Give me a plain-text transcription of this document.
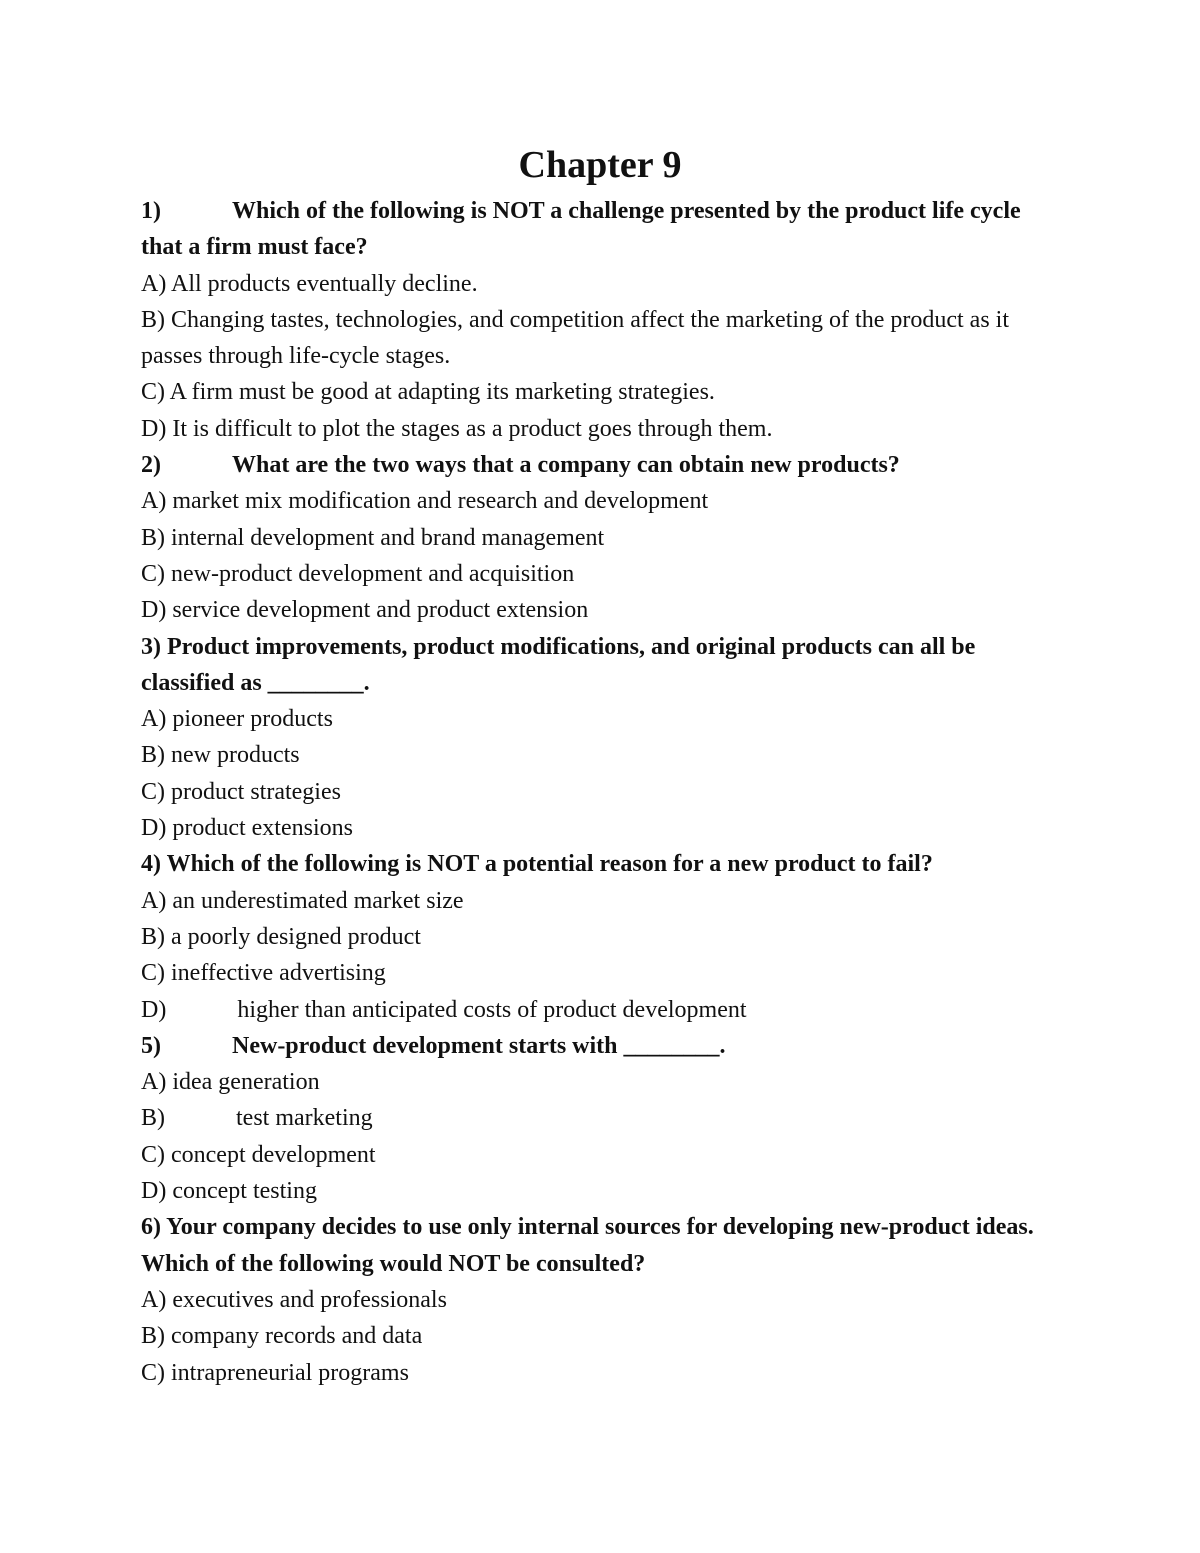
Chapter 9

1)	Which of the following is NOT a challenge presented by the product life cycle that a firm must face?

A) All products eventually decline.

B) Changing tastes, technologies, and competition affect the marketing of the product as it passes through life-cycle stages.

C) A firm must be good at adapting its marketing strategies.

D) It is difficult to plot the stages as a product goes through them.

2)	What are the two ways that a company can obtain new products?

A) market mix modification and research and development

B) internal development and brand management

C) new-product development and acquisition

D) service development and product extension

3) Product improvements, product modifications, and original products can all be classified as ________.

A) pioneer products

B) new products

C) product strategies

D) product extensions

4) Which of the following is NOT a potential reason for a new product to fail?

A) an underestimated market size

B) a poorly designed product

C) ineffective advertising

D)	higher than anticipated costs of product development

5)	New-product development starts with ________.

A) idea generation

B)	test marketing

C) concept development

D) concept testing

6) Your company decides to use only internal sources for developing new-product ideas. Which of the following would NOT be consulted?

A) executives and professionals

B) company records and data

C) intrapreneurial programs
